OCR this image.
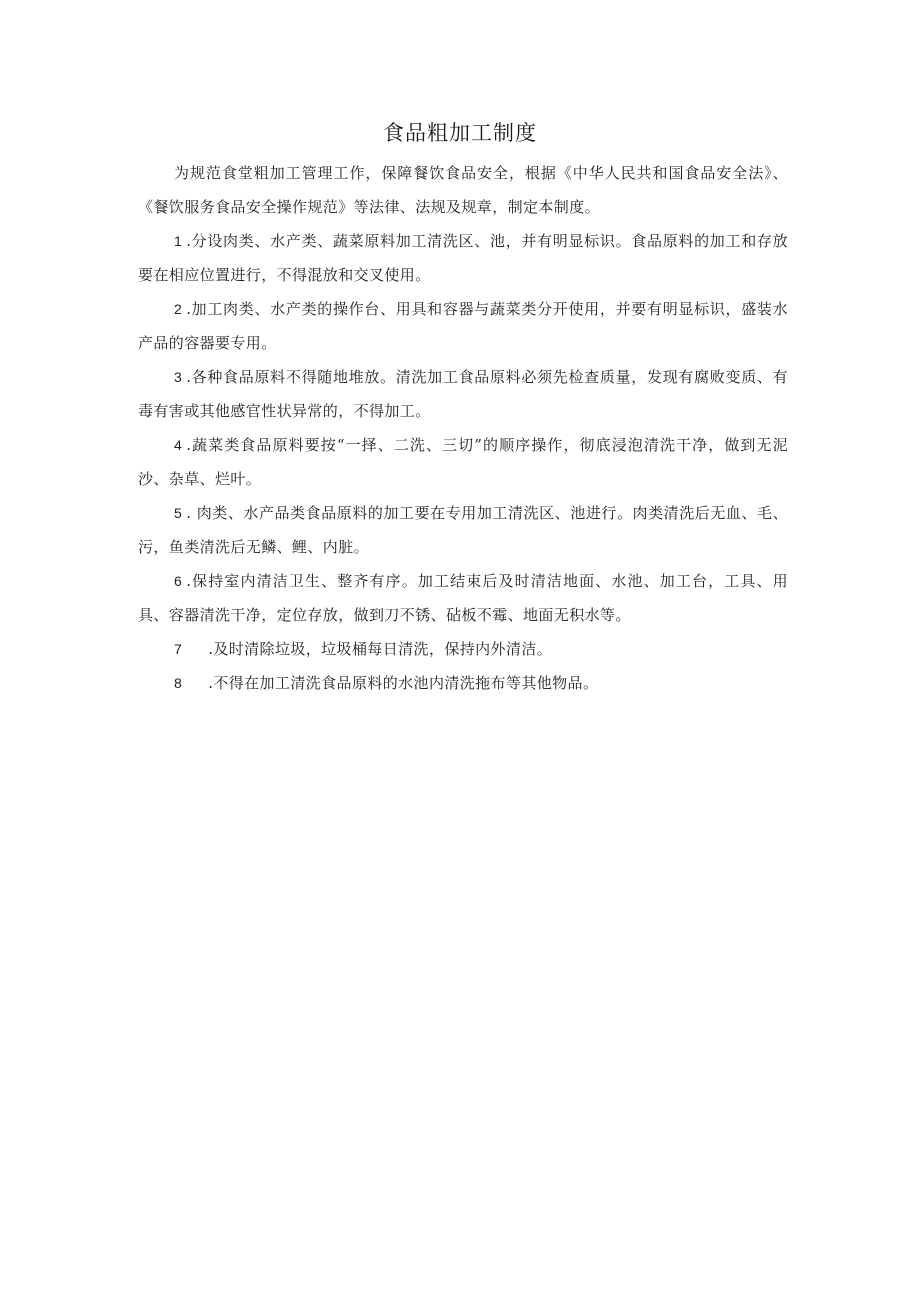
食品粗加工制度

为规范食堂粗加工管理工作，保障餐饮食品安全，根据《中华人民共和国食品安全法》、《餐饮服务食品安全操作规范》等法律、法规及规章，制定本制度。

1 .分设肉类、水产类、蔬菜原料加工清洗区、池，并有明显标识。食品原料的加工和存放要在相应位置进行，不得混放和交叉使用。

2 .加工肉类、水产类的操作台、用具和容器与蔬菜类分开使用，并要有明显标识，盛装水产品的容器要专用。

3 .各种食品原料不得随地堆放。清洗加工食品原料必须先检查质量，发现有腐败变质、有毒有害或其他感官性状异常的，不得加工。

4 .蔬菜类食品原料要按“一择、二洗、三切”的顺序操作，彻底浸泡清洗干净，做到无泥沙、杂草、烂叶。

5 . 肉类、水产品类食品原料的加工要在专用加工清洗区、池进行。肉类清洗后无血、毛、污，鱼类清洗后无鳞、鲤、内脏。

6 .保持室内清洁卫生、整齐有序。加工结束后及时清洁地面、水池、加工台，工具、用具、容器清洗干净，定位存放，做到刀不锈、砧板不霉、地面无积水等。

7 .及时清除垃圾，垃圾桶每日清洗，保持内外清洁。

8 .不得在加工清洗食品原料的水池内清洗拖布等其他物品。
